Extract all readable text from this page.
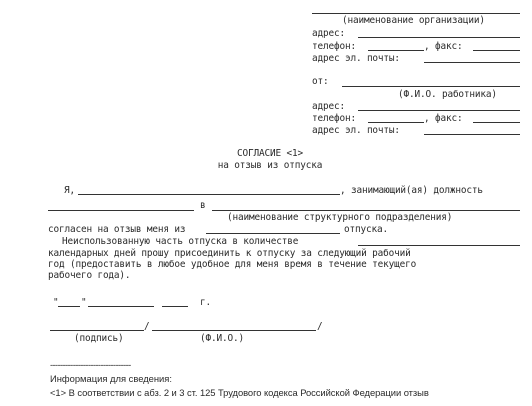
(наименование организации)
адрес:
телефон:	, факс:
адрес эл. почты:
от:
(Ф.И.О. работника)
адрес:
телефон:	, факс:
адрес эл. почты:
СОГЛАСИЕ <1>
на отзыв из отпуска
Я,	, занимающий(ая) должность
в
(наименование структурного подразделения)
согласен на отзыв меня из	отпуска.
Неиспользованную часть отпуска в количестве
календарных дней прошу присоединить к отпуску за следующий рабочий
год (предоставить в любое удобное для меня время в течение текущего
рабочего года).
" "	г.
/	/
(подпись)	(Ф.И.О.)
--------------------------------
Информация для сведения:
<1> В соответствии с абз. 2 и 3 ст. 125 Трудового кодекса Российской Федерации отзыв
